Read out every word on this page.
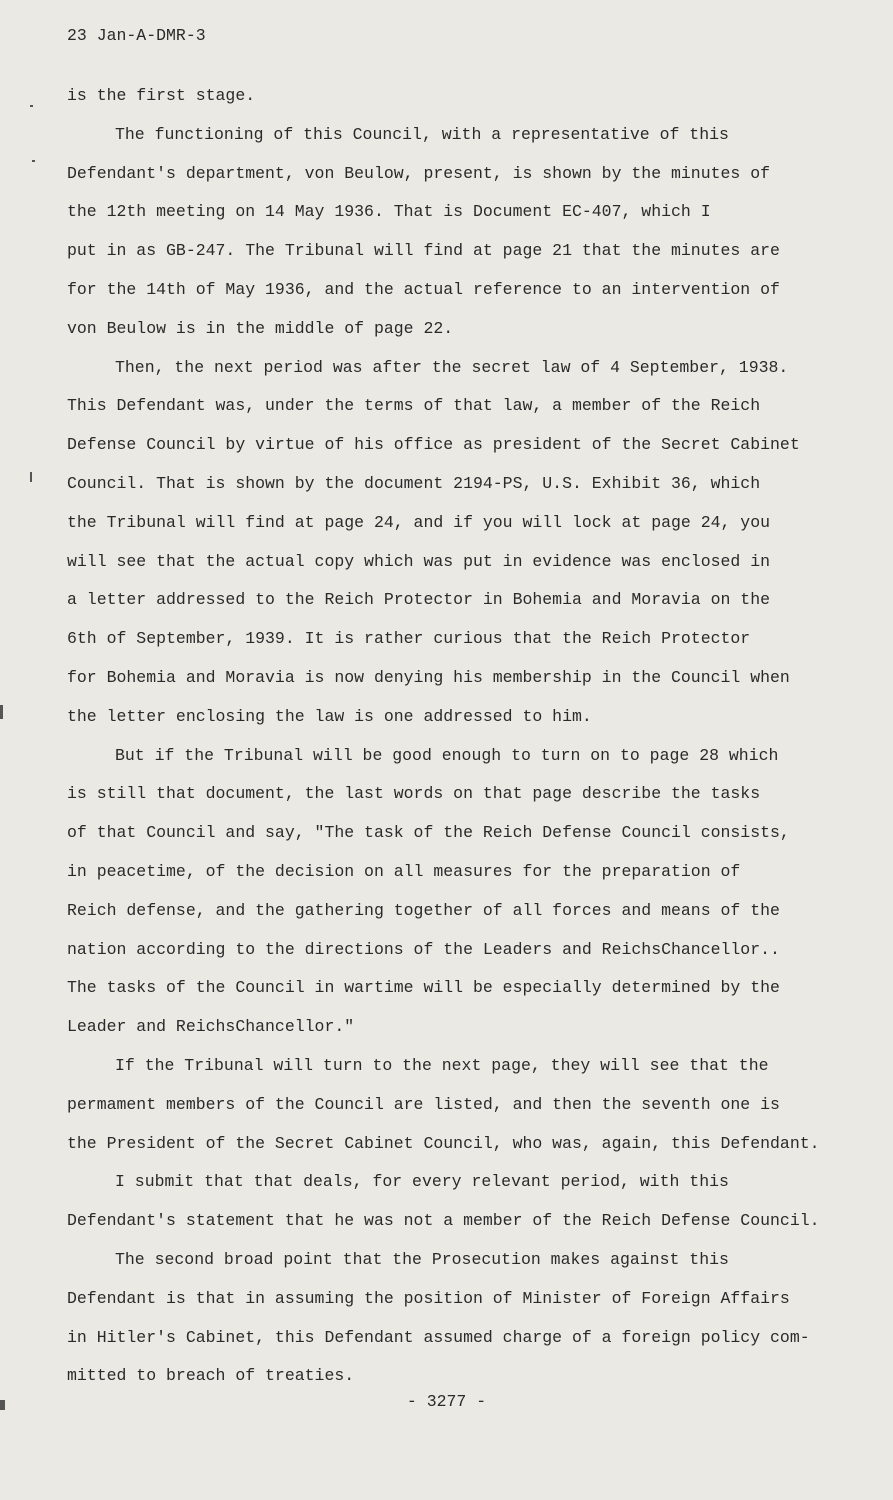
23 Jan-A-DMR-3
is the first stage.
The functioning of this Council, with a representative of this
Defendant's department, von Beulow, present, is shown by the minutes of
the 12th meeting on 14 May 1936. That is Document EC-407, which I
put in as GB-247. The Tribunal will find at page 21 that the minutes are
for the 14th of May 1936, and the actual reference to an intervention of
von Beulow is in the middle of page 22.
Then, the next period was after the secret law of 4 September, 1938.
This Defendant was, under the terms of that law, a member of the Reich
Defense Council by virtue of his office as president of the Secret Cabinet
Council. That is shown by the document 2194-PS, U.S. Exhibit 36, which
the Tribunal will find at page 24, and if you will lock at page 24, you
will see that the actual copy which was put in evidence was enclosed in
a letter addressed to the Reich Protector in Bohemia and Moravia on the
6th of September, 1939. It is rather curious that the Reich Protector
for Bohemia and Moravia is now denying his membership in the Council when
the letter enclosing the law is one addressed to him.
But if the Tribunal will be good enough to turn on to page 28 which
is still that document, the last words on that page describe the tasks
of that Council and say, "The task of the Reich Defense Council consists,
in peacetime, of the decision on all measures for the preparation of
Reich defense, and the gathering together of all forces and means of the
nation according to the directions of the Leaders and ReichsChancellor..
The tasks of the Council in wartime will be especially determined by the
Leader and ReichsChancellor."
If the Tribunal will turn to the next page, they will see that the
permament members of the Council are listed, and then the seventh one is
the President of the Secret Cabinet Council, who was, again, this Defendant.
I submit that that deals, for every relevant period, with this
Defendant's statement that he was not a member of the Reich Defense Council.
The second broad point that the Prosecution makes against this
Defendant is that in assuming the position of Minister of Foreign Affairs
in Hitler's Cabinet, this Defendant assumed charge of a foreign policy com-
mitted to breach of treaties.
- 3277 -
